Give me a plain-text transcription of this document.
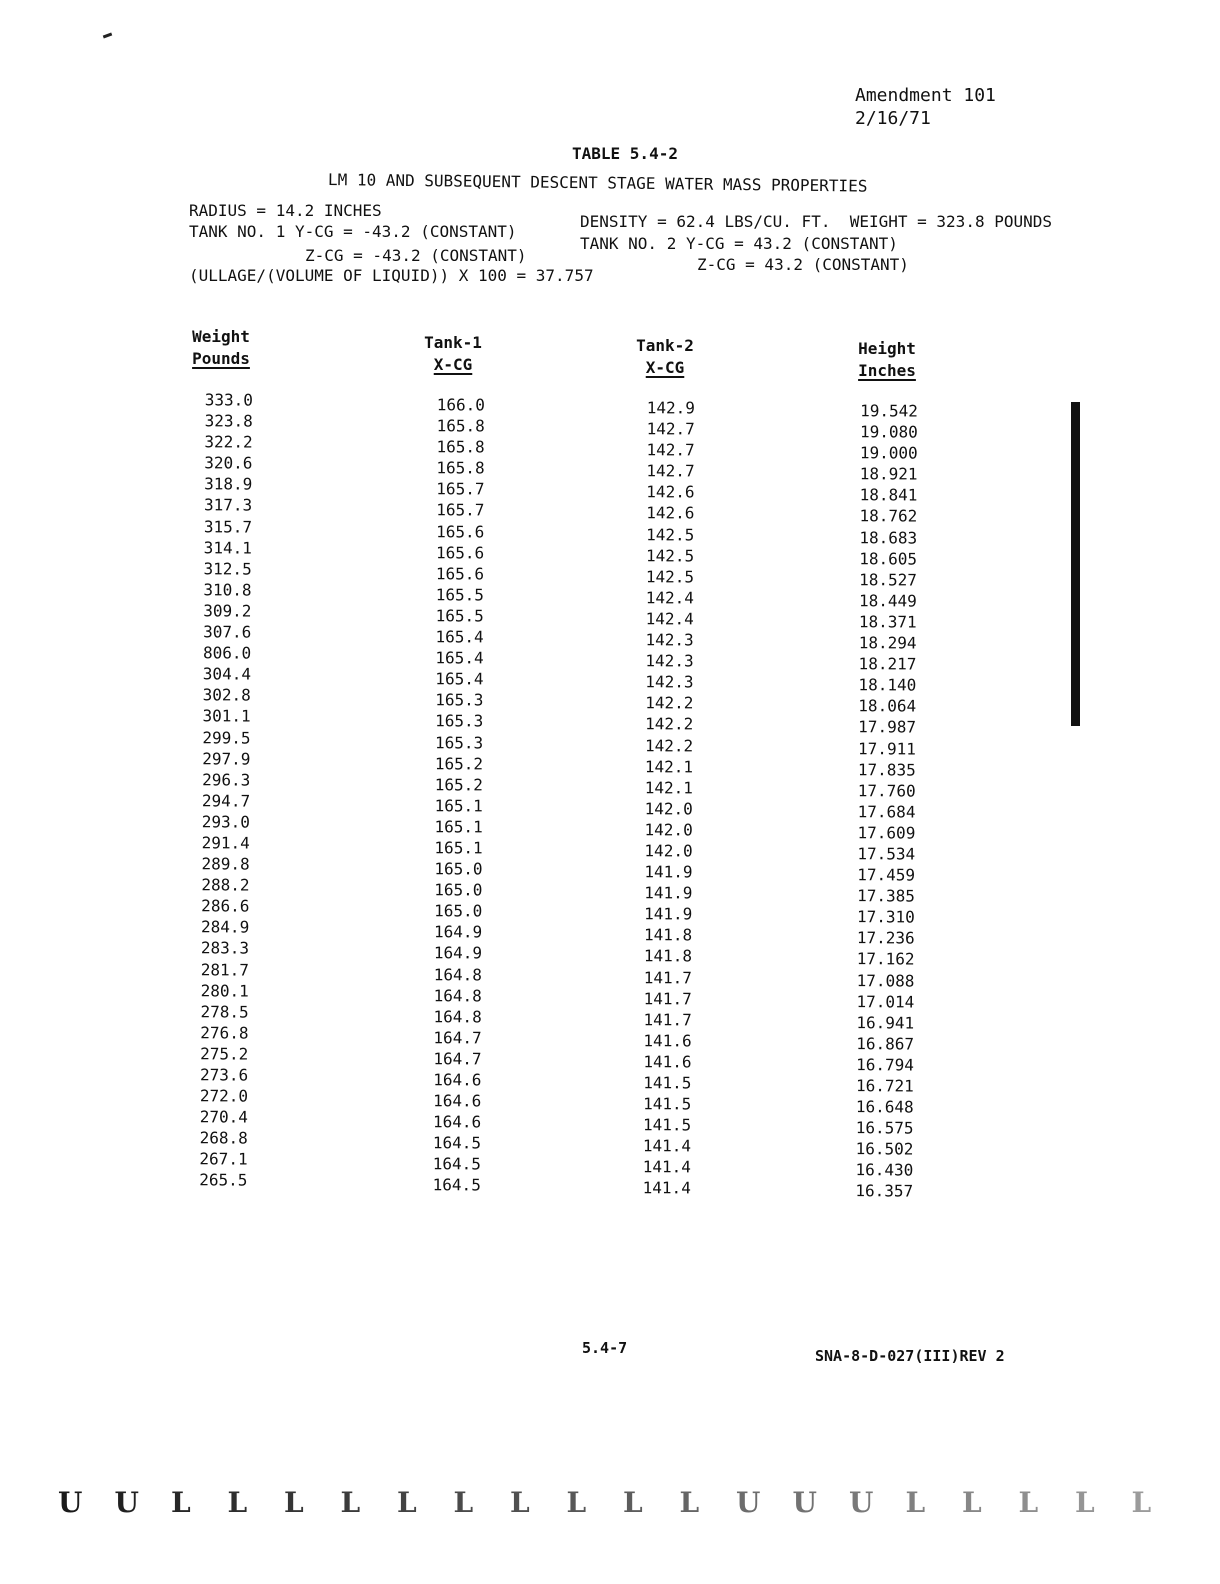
Amendment 101
2/16/71
TABLE 5.4-2
LM 10 AND SUBSEQUENT DESCENT STAGE WATER MASS PROPERTIES
RADIUS = 14.2 INCHES
TANK NO. 1 Y-CG = -43.2 (CONSTANT)
Z-CG = -43.2 (CONSTANT)
(ULLAGE/(VOLUME OF LIQUID)) X 100 = 37.757
DENSITY = 62.4 LBS/CU. FT.  WEIGHT = 323.8 POUNDS
TANK NO. 2 Y-CG = 43.2 (CONSTANT)
Z-CG = 43.2 (CONSTANT)
Weight
Pounds
Tank-1
X-CG
Tank-2
X-CG
Height
Inches
333.0
323.8
322.2
320.6
318.9
317.3
315.7
314.1
312.5
310.8
309.2
307.6
806.0
304.4
302.8
301.1
299.5
297.9
296.3
294.7
293.0
291.4
289.8
288.2
286.6
284.9
283.3
281.7
280.1
278.5
276.8
275.2
273.6
272.0
270.4
268.8
267.1
265.5
166.0
165.8
165.8
165.8
165.7
165.7
165.6
165.6
165.6
165.5
165.5
165.4
165.4
165.4
165.3
165.3
165.3
165.2
165.2
165.1
165.1
165.1
165.0
165.0
165.0
164.9
164.9
164.8
164.8
164.8
164.7
164.7
164.6
164.6
164.6
164.5
164.5
164.5
142.9
142.7
142.7
142.7
142.6
142.6
142.5
142.5
142.5
142.4
142.4
142.3
142.3
142.3
142.2
142.2
142.2
142.1
142.1
142.0
142.0
142.0
141.9
141.9
141.9
141.8
141.8
141.7
141.7
141.7
141.6
141.6
141.5
141.5
141.5
141.4
141.4
141.4
19.542
19.080
19.000
18.921
18.841
18.762
18.683
18.605
18.527
18.449
18.371
18.294
18.217
18.140
18.064
17.987
17.911
17.835
17.760
17.684
17.609
17.534
17.459
17.385
17.310
17.236
17.162
17.088
17.014
16.941
16.867
16.794
16.721
16.648
16.575
16.502
16.430
16.357
5.4-7	SNA-8-D-027(III)REV 2
U U L L L L L L L L L L U U U L L L L L
